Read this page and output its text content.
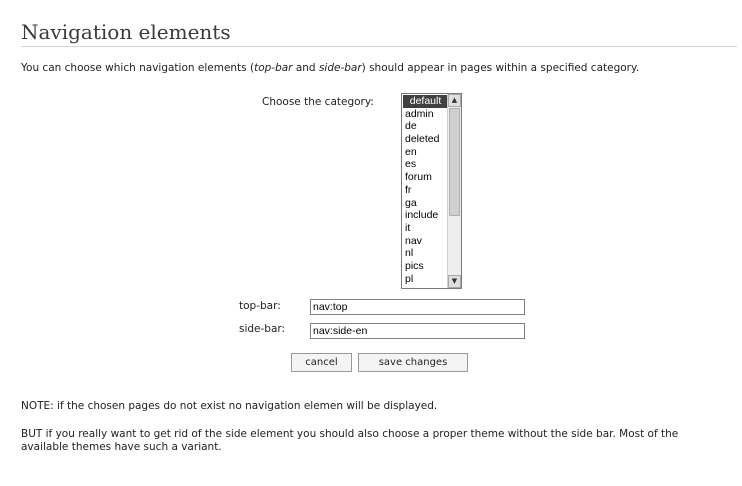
Navigation elements
You can choose which navigation elements (top-bar and side-bar) should appear in pages within a specified category.
Choose the category:	default
admin
de
deleted
en
es
forum
fr
ga
include
it
nav
nl
pics
pl
▲
▼
top-bar:
nav:top
side-bar:
nav:side-en
cancel	save changes
NOTE: if the chosen pages do not exist no navigation elemen will be displayed.
BUT if you really want to get rid of the side element you should also choose a proper theme without the side bar. Most of the
available themes have such a variant.
